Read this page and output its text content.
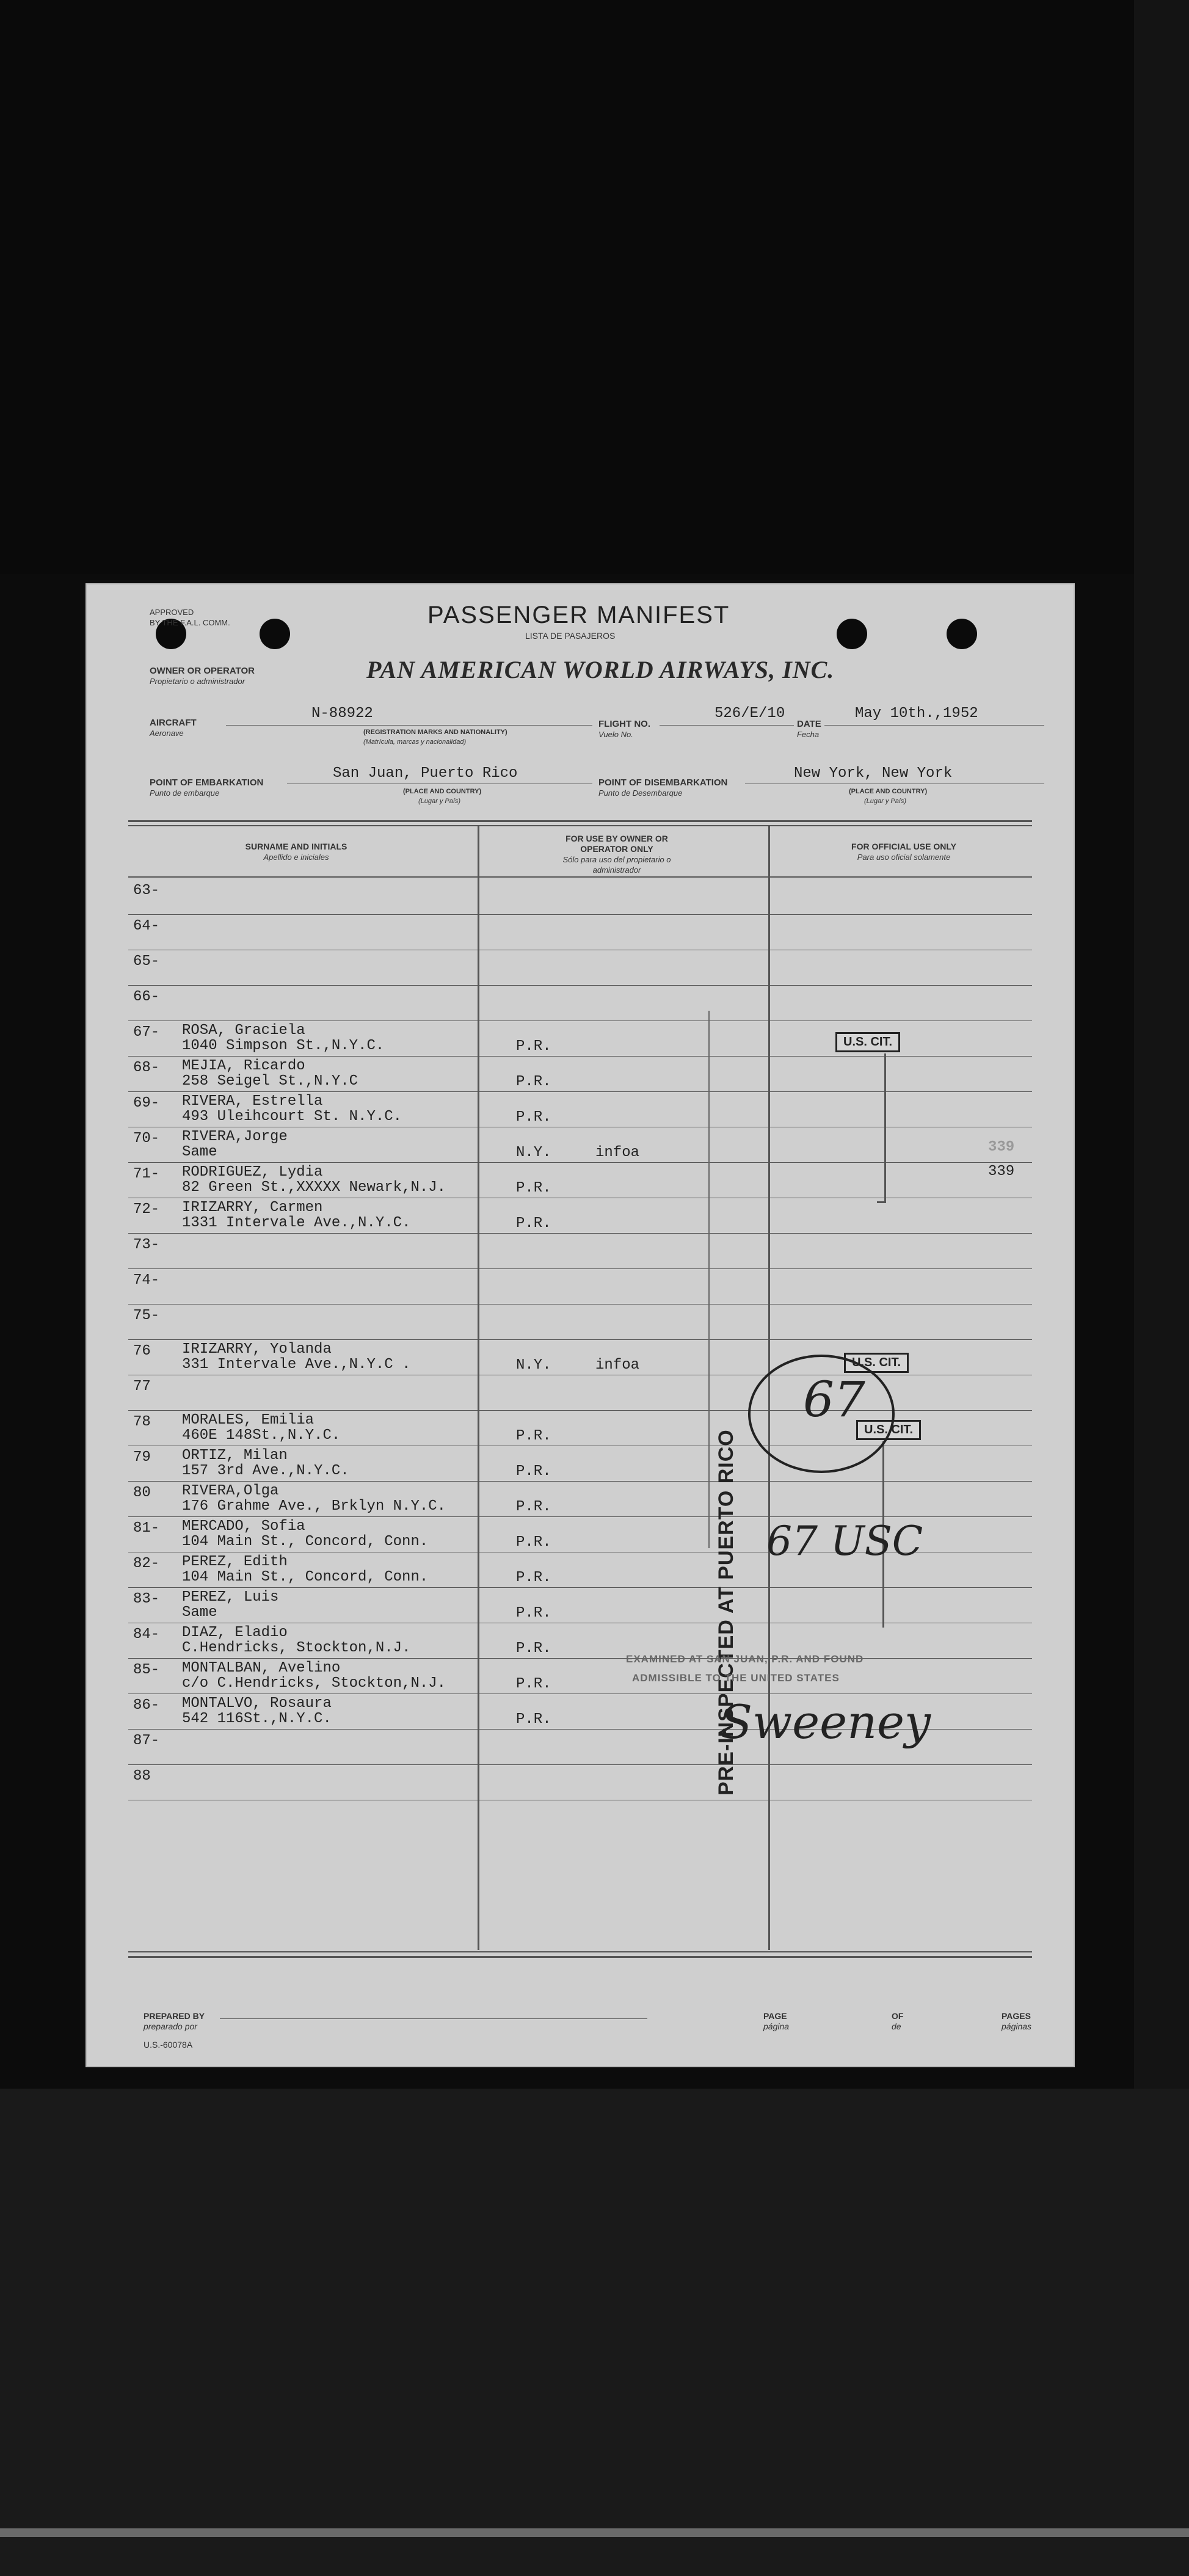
APPROVED
BY THE F.A.L. COMM.	PASSENGER MANIFEST
LISTA DE PASAJEROS
OWNER OR OPERATOR
Propietario o administrador	PAN AMERICAN WORLD AIRWAYS, INC.
AIRCRAFT
Aeronave
N-88922
(REGISTRATION MARKS AND NATIONALITY)
(Matrícula, marcas y nacionalidad)
FLIGHT NO.
Vuelo No.
526/E/10
DATE
Fecha
May 10th.,1952
POINT OF EMBARKATION
Punto de embarque
San Juan, Puerto Rico
(PLACE AND COUNTRY)
(Lugar y País)
POINT OF DISEMBARKATION
Punto de Desembarque
New York, New York
(PLACE AND COUNTRY)
(Lugar y País)
SURNAME AND INITIALS
Apellido e iniciales
FOR USE BY OWNER OR OPERATOR ONLY
Sólo para uso del propietario o administrador
FOR OFFICIAL USE ONLY
Para uso oficial solamente
63-
64-
65-
66-
67- ROSA, Graciela
1040 Simpson St.,N.Y.C.	P.R.
68- MEJIA, Ricardo
258 Seigel St.,N.Y.C	P.R.
69- RIVERA, Estrella
493 Uleihcourt St. N.Y.C.	P.R.
70- RIVERA,Jorge
Same	N.Y.	infoa
71- RODRIGUEZ, Lydia
82 Green St.,XXXXX Newark,N.J.	P.R.
72- IRIZARRY, Carmen
1331 Intervale Ave.,N.Y.C.	P.R.
73-
74-
75-
76 IRIZARRY, Yolanda
331 Intervale Ave.,N.Y.C .	N.Y.	infoa
77
78 MORALES, Emilia
460E 148St.,N.Y.C.	P.R.
79 ORTIZ, Milan
157 3rd Ave.,N.Y.C.	P.R.
80 RIVERA,Olga
176 Grahme Ave., Brklyn N.Y.C.	P.R.
81- MERCADO, Sofia
104 Main St., Concord, Conn.	P.R.
82- PEREZ, Edith
104 Main St., Concord, Conn.	P.R.
83- PEREZ, Luis
Same	P.R.
84- DIAZ, Eladio
C.Hendricks, Stockton,N.J.	P.R.
85- MONTALBAN, Avelino
c/o C.Hendricks, Stockton,N.J.	P.R.
86- MONTALVO, Rosaura
542 116St.,N.Y.C.	P.R.
87-
88
U.S. CIT.
339
339
U.S. CIT.
U.S. CIT.
PRE-INSPECTED AT PUERTO RICO
67
67 USC
EXAMINED AT SAN JUAN, P.R. AND FOUND
ADMISSIBLE TO THE UNITED STATES
Sweeney
PREPARED BY
preparado por
U.S.-60078A
PAGE
página
OF
de
PAGES
páginas
